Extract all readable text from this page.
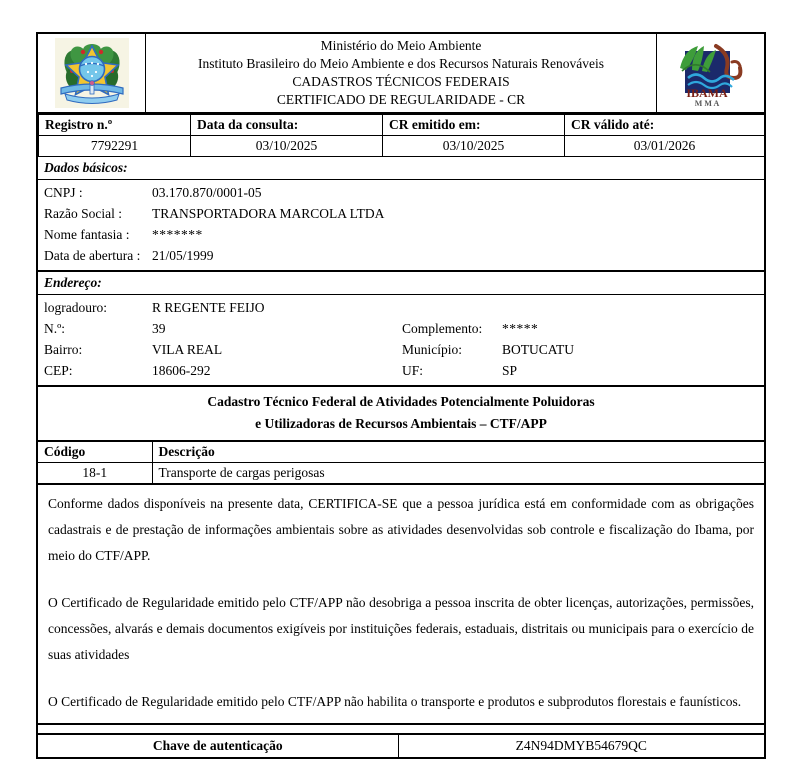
Ministério do Meio Ambiente
Instituto Brasileiro do Meio Ambiente e dos Recursos Naturais Renováveis
CADASTROS TÉCNICOS FEDERAIS
CERTIFICADO DE REGULARIDADE - CR	IBAMA
M M A
Registro n.º	Data da consulta:	CR emitido em:	CR válido até:
7792291	03/10/2025	03/10/2025	03/01/2026
Dados básicos:
CNPJ :	03.170.870/0001-05
Razão Social :	TRANSPORTADORA MARCOLA LTDA
Nome fantasia :	*******
Data de abertura : 21/05/1999
Endereço:
logradouro:	R REGENTE FEIJO
N.º:	39	Complemento:	*****
Bairro:	VILA REAL	Município:	BOTUCATU
CEP:	18606-292	UF:	SP
Cadastro Técnico Federal de Atividades Potencialmente Poluidoras
e Utilizadoras de Recursos Ambientais – CTF/APP
Código	Descrição
18-1	Transporte de cargas perigosas

Conforme dados disponíveis na presente data, CERTIFICA-SE que a pessoa jurídica está em conformidade com as obrigações cadastrais e de prestação de informações ambientais sobre as atividades desenvolvidas sob controle e fiscalização do Ibama, por meio do CTF/APP.

O Certificado de Regularidade emitido pelo CTF/APP não desobriga a pessoa inscrita de obter licenças, autorizações, permissões, concessões, alvarás e demais documentos exigíveis por instituições federais, estaduais, distritais ou municipais para o exercício de suas atividades

O Certificado de Regularidade emitido pelo CTF/APP não habilita o transporte e produtos e subprodutos florestais e faunísticos.

Chave de autenticação	Z4N94DMYB54679QC
